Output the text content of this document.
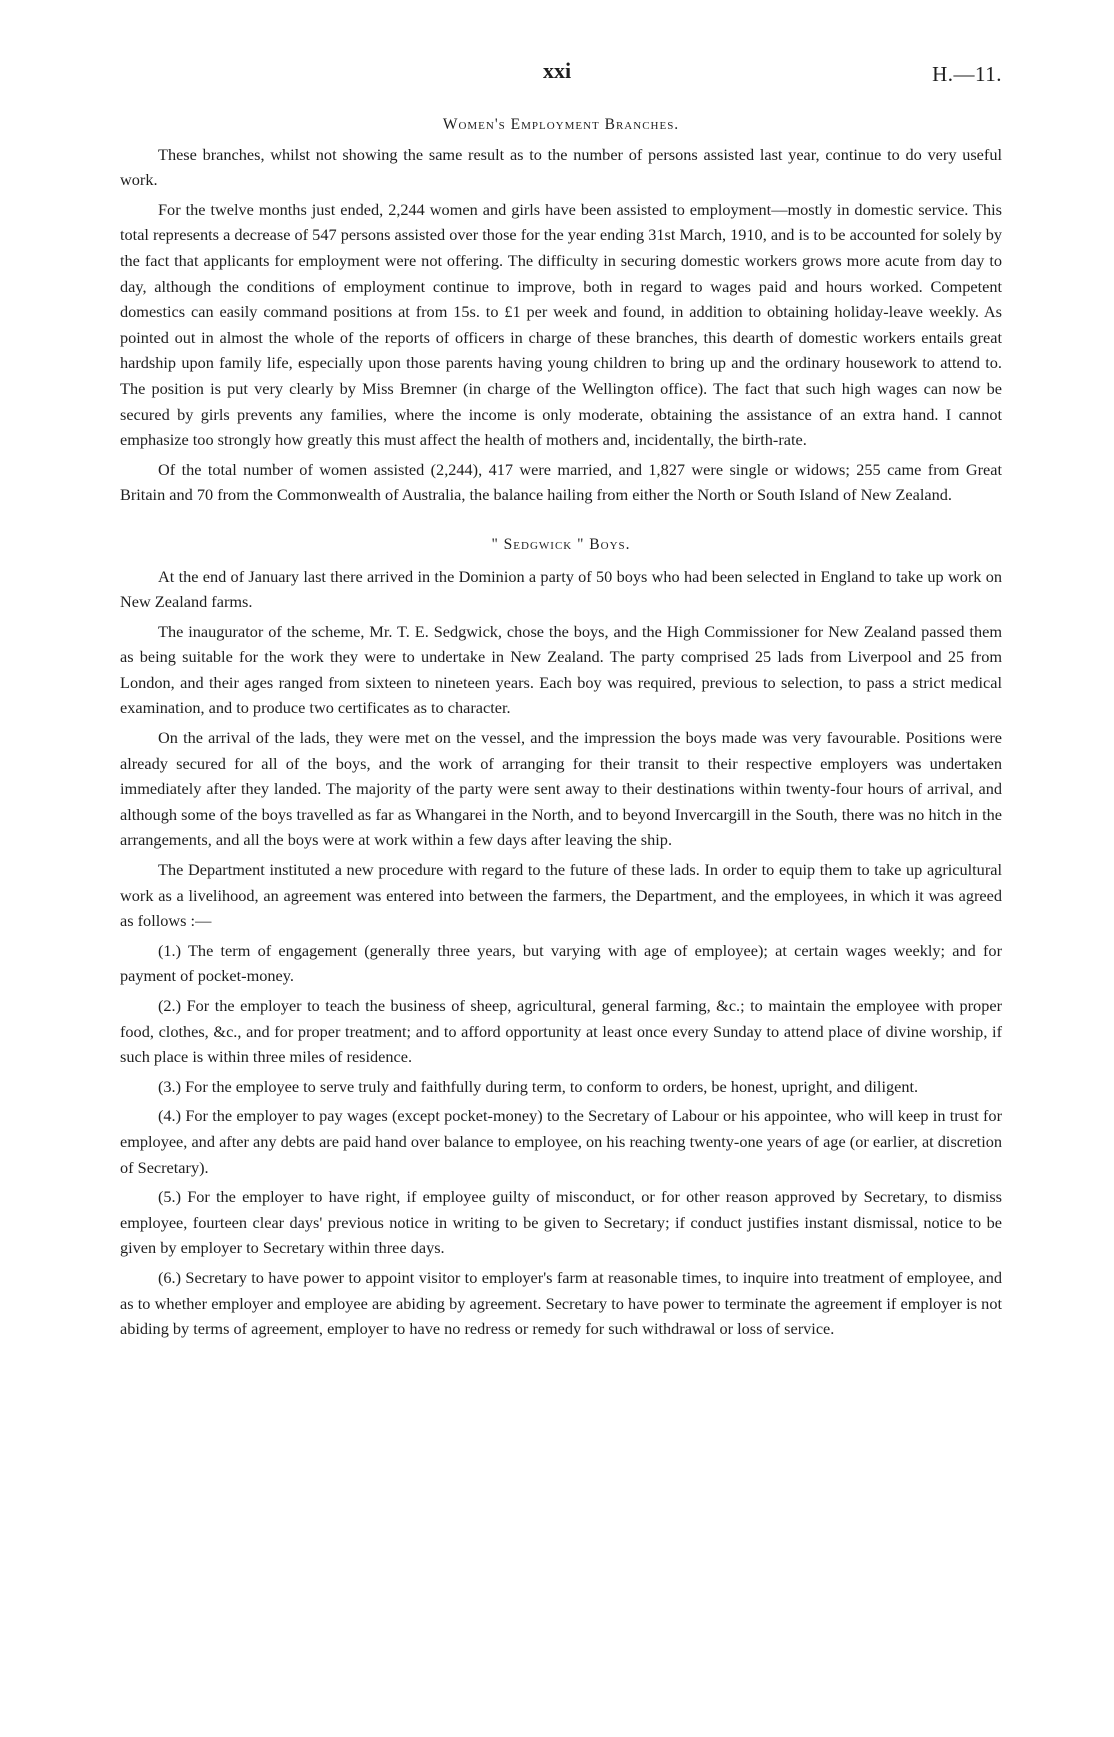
xxi	H.—11.
Women's Employment Branches.

These branches, whilst not showing the same result as to the number of persons assisted last year, continue to do very useful work.

For the twelve months just ended, 2,244 women and girls have been assisted to employment—mostly in domestic service. This total represents a decrease of 547 persons assisted over those for the year ending 31st March, 1910, and is to be accounted for solely by the fact that applicants for employment were not offering. The difficulty in securing domestic workers grows more acute from day to day, although the conditions of employment continue to improve, both in regard to wages paid and hours worked. Competent domestics can easily command positions at from 15s. to £1 per week and found, in addition to obtaining holiday-leave weekly. As pointed out in almost the whole of the reports of officers in charge of these branches, this dearth of domestic workers entails great hardship upon family life, especially upon those parents having young children to bring up and the ordinary housework to attend to. The position is put very clearly by Miss Bremner (in charge of the Wellington office). The fact that such high wages can now be secured by girls prevents any families, where the income is only moderate, obtaining the assistance of an extra hand. I cannot emphasize too strongly how greatly this must affect the health of mothers and, incidentally, the birth-rate.

Of the total number of women assisted (2,244), 417 were married, and 1,827 were single or widows; 255 came from Great Britain and 70 from the Commonwealth of Australia, the balance hailing from either the North or South Island of New Zealand.

" Sedgwick " Boys.

At the end of January last there arrived in the Dominion a party of 50 boys who had been selected in England to take up work on New Zealand farms.

The inaugurator of the scheme, Mr. T. E. Sedgwick, chose the boys, and the High Commissioner for New Zealand passed them as being suitable for the work they were to undertake in New Zealand. The party comprised 25 lads from Liverpool and 25 from London, and their ages ranged from sixteen to nineteen years. Each boy was required, previous to selection, to pass a strict medical examination, and to produce two certificates as to character.

On the arrival of the lads, they were met on the vessel, and the impression the boys made was very favourable. Positions were already secured for all of the boys, and the work of arranging for their transit to their respective employers was undertaken immediately after they landed. The majority of the party were sent away to their destinations within twenty-four hours of arrival, and although some of the boys travelled as far as Whangarei in the North, and to beyond Invercargill in the South, there was no hitch in the arrangements, and all the boys were at work within a few days after leaving the ship.

The Department instituted a new procedure with regard to the future of these lads. In order to equip them to take up agricultural work as a livelihood, an agreement was entered into between the farmers, the Department, and the employees, in which it was agreed as follows :—

(1.) The term of engagement (generally three years, but varying with age of employee); at certain wages weekly; and for payment of pocket-money.

(2.) For the employer to teach the business of sheep, agricultural, general farming, &c.; to maintain the employee with proper food, clothes, &c., and for proper treatment; and to afford opportunity at least once every Sunday to attend place of divine worship, if such place is within three miles of residence.

(3.) For the employee to serve truly and faithfully during term, to conform to orders, be honest, upright, and diligent.

(4.) For the employer to pay wages (except pocket-money) to the Secretary of Labour or his appointee, who will keep in trust for employee, and after any debts are paid hand over balance to employee, on his reaching twenty-one years of age (or earlier, at discretion of Secretary).

(5.) For the employer to have right, if employee guilty of misconduct, or for other reason approved by Secretary, to dismiss employee, fourteen clear days' previous notice in writing to be given to Secretary; if conduct justifies instant dismissal, notice to be given by employer to Secretary within three days.

(6.) Secretary to have power to appoint visitor to employer's farm at reasonable times, to inquire into treatment of employee, and as to whether employer and employee are abiding by agreement. Secretary to have power to terminate the agreement if employer is not abiding by terms of agreement, employer to have no redress or remedy for such withdrawal or loss of service.
